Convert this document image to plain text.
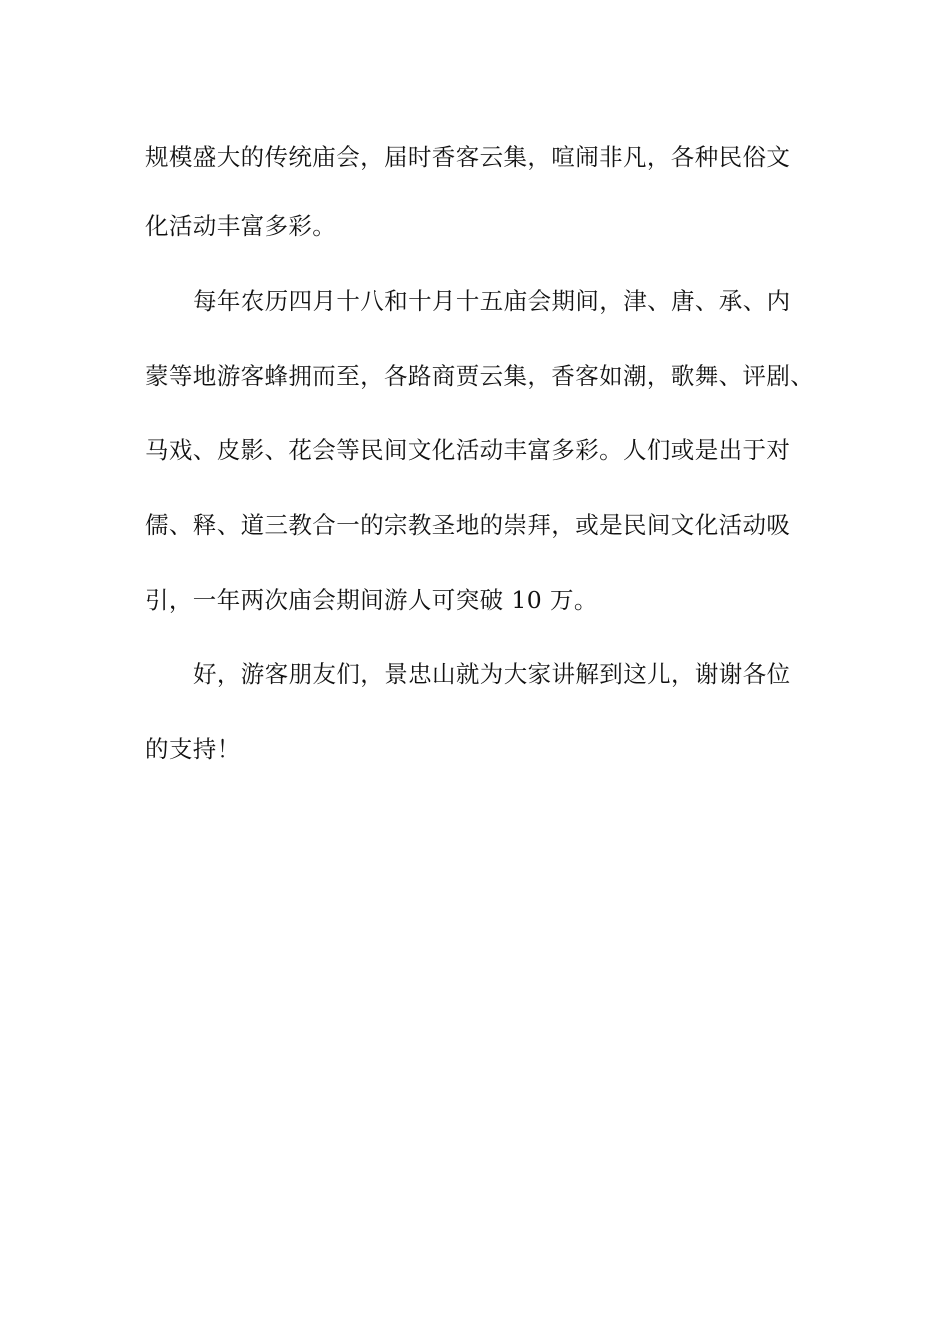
规模盛大的传统庙会，届时香客云集，喧闹非凡，各种民俗文
化活动丰富多彩。
每年农历四月十八和十月十五庙会期间，津、唐、承、内
蒙等地游客蜂拥而至，各路商贾云集，香客如潮，歌舞、评剧、
马戏、皮影、花会等民间文化活动丰富多彩。人们或是出于对
儒、释、道三教合一的宗教圣地的崇拜，或是民间文化活动吸
引，一年两次庙会期间游人可突破 10 万。
好，游客朋友们，景忠山就为大家讲解到这儿，谢谢各位
的支持！
